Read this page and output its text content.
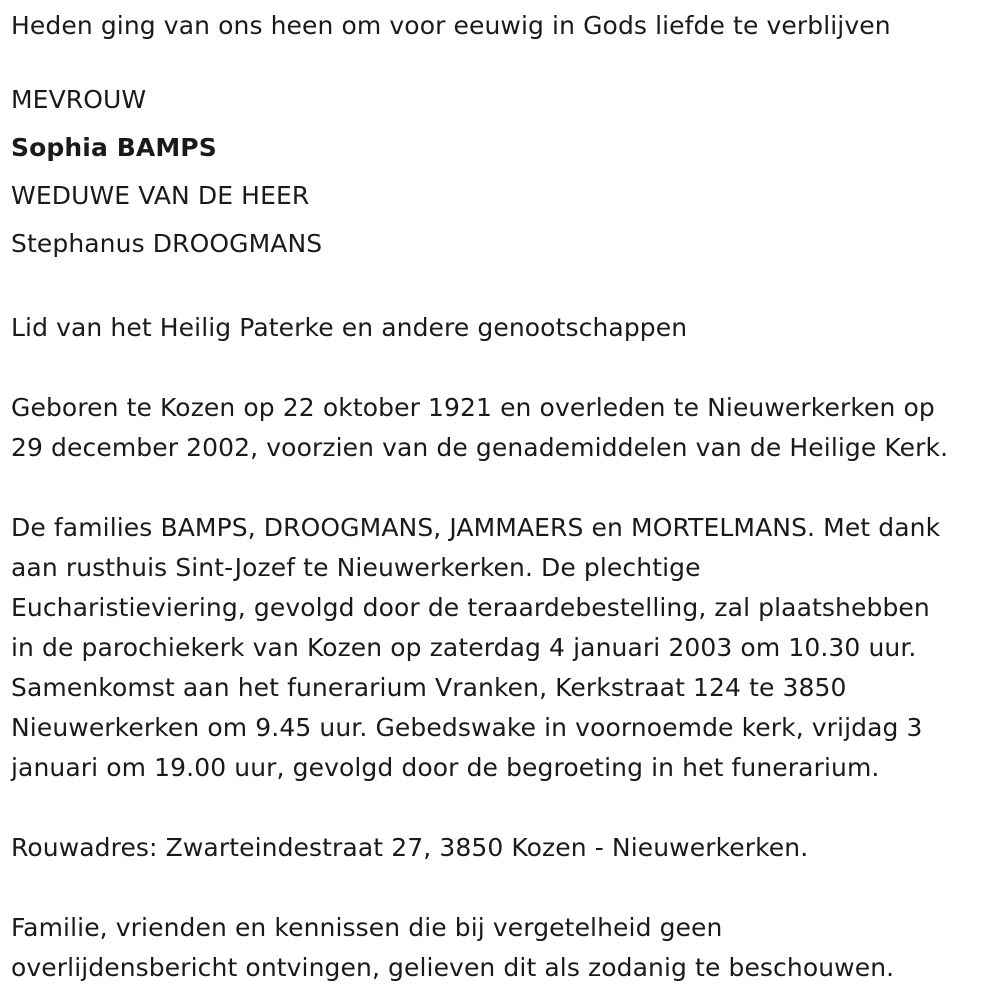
Heden ging van ons heen om voor eeuwig in Gods liefde te verblijven
MEVROUW
Sophia BAMPS
WEDUWE VAN DE HEER
Stephanus DROOGMANS
Lid van het Heilig Paterke en andere genootschappen
Geboren te Kozen op 22 oktober 1921 en overleden te Nieuwerkerken op
29 december 2002, voorzien van de genademiddelen van de Heilige Kerk.
De families BAMPS, DROOGMANS, JAMMAERS en MORTELMANS. Met dank
aan rusthuis Sint-Jozef te Nieuwerkerken. De plechtige
Eucharistieviering, gevolgd door de teraardebestelling, zal plaatshebben
in de parochiekerk van Kozen op zaterdag 4 januari 2003 om 10.30 uur.
Samenkomst aan het funerarium Vranken, Kerkstraat 124 te 3850
Nieuwerkerken om 9.45 uur. Gebedswake in voornoemde kerk, vrijdag 3
januari om 19.00 uur, gevolgd door de begroeting in het funerarium.
Rouwadres: Zwarteindestraat 27, 3850 Kozen - Nieuwerkerken.
Familie, vrienden en kennissen die bij vergetelheid geen
overlijdensbericht ontvingen, gelieven dit als zodanig te beschouwen.
